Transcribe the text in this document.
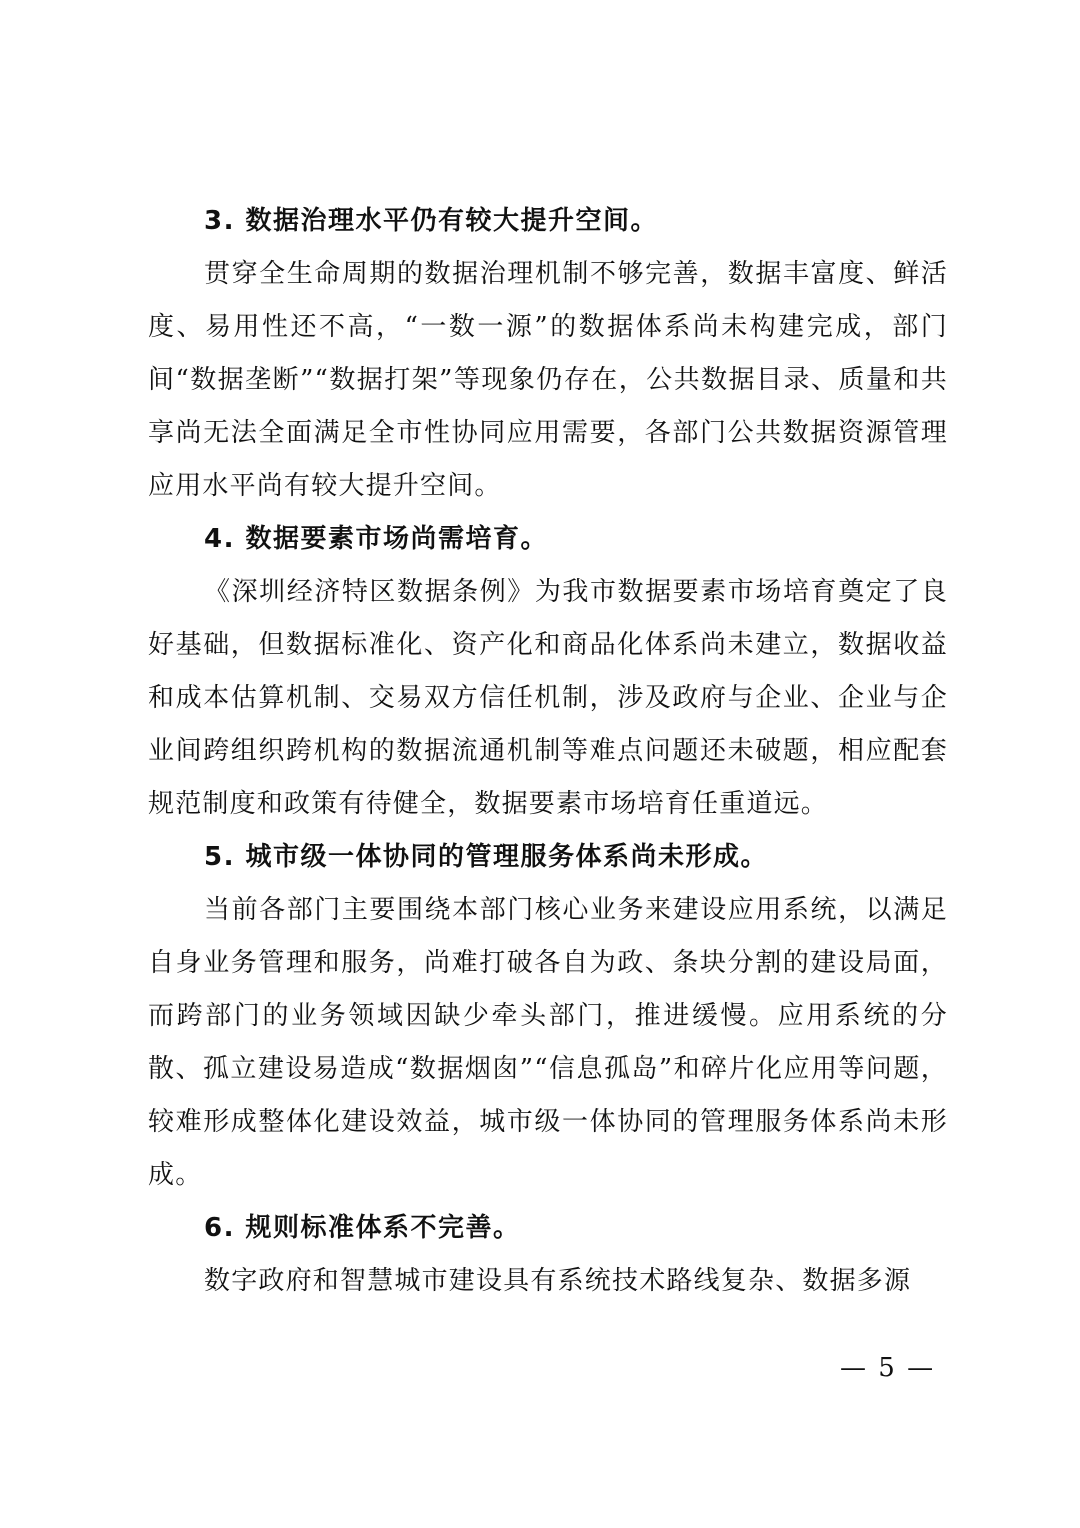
3. 数据治理水平仍有较大提升空间。

贯穿全生命周期的数据治理机制不够完善，数据丰富度、鲜活度、易用性还不高，“一数一源”的数据体系尚未构建完成，部门间“数据垄断”“数据打架”等现象仍存在，公共数据目录、质量和共享尚无法全面满足全市性协同应用需要，各部门公共数据资源管理应用水平尚有较大提升空间。

4. 数据要素市场尚需培育。

《深圳经济特区数据条例》为我市数据要素市场培育奠定了良好基础，但数据标准化、资产化和商品化体系尚未建立，数据收益和成本估算机制、交易双方信任机制，涉及政府与企业、企业与企业间跨组织跨机构的数据流通机制等难点问题还未破题，相应配套规范制度和政策有待健全，数据要素市场培育任重道远。

5. 城市级一体协同的管理服务体系尚未形成。

当前各部门主要围绕本部门核心业务来建设应用系统，以满足自身业务管理和服务，尚难打破各自为政、条块分割的建设局面，而跨部门的业务领域因缺少牵头部门，推进缓慢。应用系统的分散、孤立建设易造成“数据烟囱”“信息孤岛”和碎片化应用等问题，较难形成整体化建设效益，城市级一体协同的管理服务体系尚未形成。

6. 规则标准体系不完善。

数字政府和智慧城市建设具有系统技术路线复杂、数据多源

— 5 —
